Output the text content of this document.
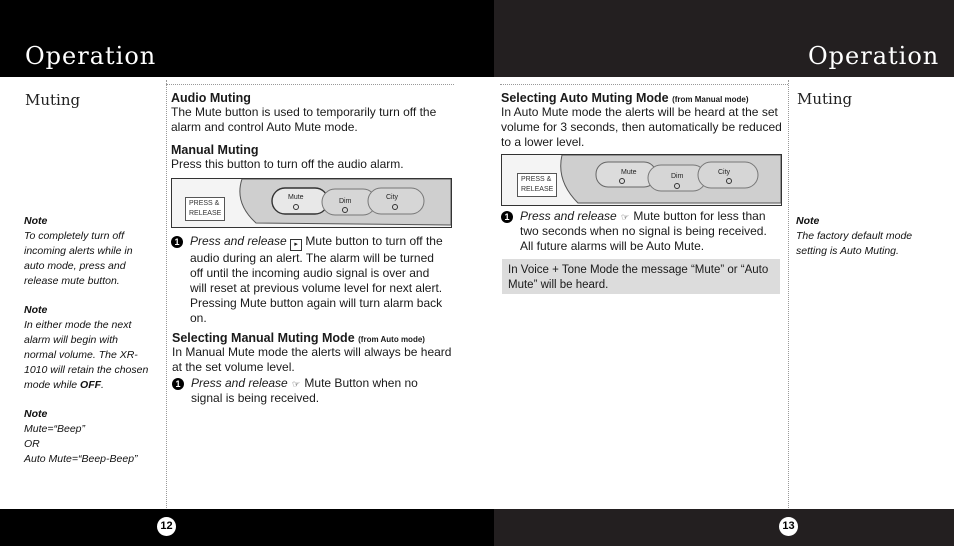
Operation	Operation
Muting
Note
To completely turn off
incoming alerts while in
auto mode, press and
release mute button.
Note
In either mode the next
alarm will begin with
normal volume. The XR-
1010 will retain the chosen
mode while OFF.
Note
Mute=“Beep”
OR
Auto Mute=“Beep-Beep”
Audio Muting
The Mute button is used to temporarily turn off the alarm and control Auto Mute mode.
Manual Muting
Press this button to turn off the audio alarm.
PRESS &
RELEASE
Mute
Dim
City
1 Press and release ▸ Mute button to turn off the audio during an alert. The alarm will be turned off until the incoming audio signal is over and will reset at previous volume level for next alert. Pressing Mute button again will turn alarm back on.
Selecting Manual Muting Mode (from Auto mode)
In Manual Mute mode the alerts will always be heard at the set volume level.
1 Press and release ☞ Mute Button when no signal is being received.
Selecting Auto Muting Mode (from Manual mode)
In Auto Mute mode the alerts will be heard at the set volume for 3 seconds, then automatically be reduced to a lower level.
PRESS &
RELEASE
Mute
Dim
City
1 Press and release ☞ Mute button for less than two seconds when no signal is being received. All future alarms will be Auto Mute.
In Voice + Tone Mode the message “Mute” or “Auto Mute” will be heard.
Muting
Note
The factory default mode
setting is Auto Muting.
12	13
